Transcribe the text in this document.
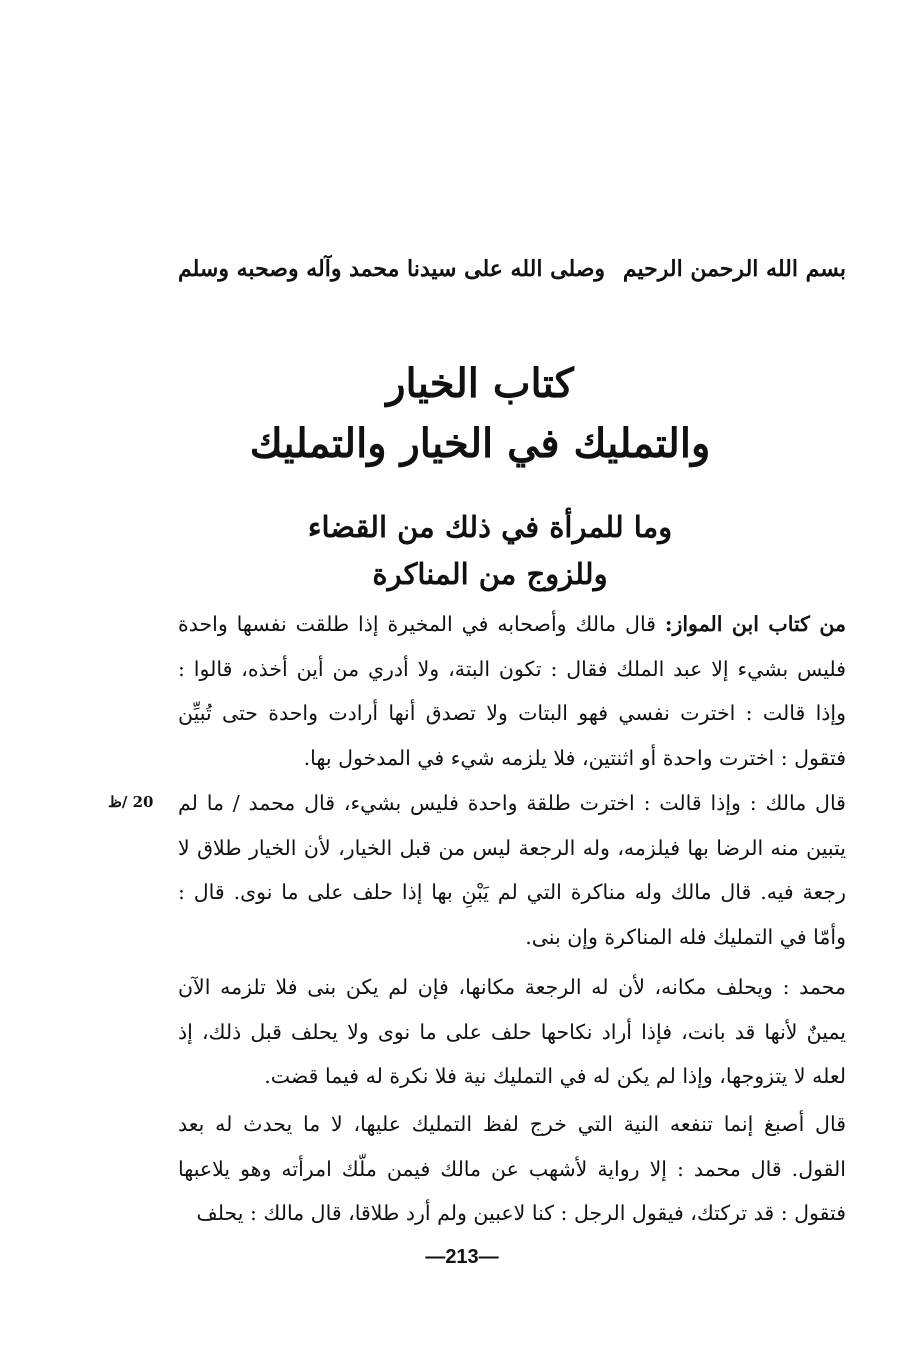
بسم الله الرحمن الرحيم
وصلى الله على سيدنا محمد وآله وصحبه وسلم
كتاب الخيار
والتمليك في الخيار والتمليك
وما للمرأة في ذلك من القضاء
وللزوج من المناكرة

من كتاب ابن المواز: قال مالك وأصحابه في المخيرة إذا طلقت نفسها واحدة فليس بشيء إلا عبد الملك فقال : تكون البتة، ولا أدري من أين أخذه، قالوا : وإذا قالت : اخترت نفسي فهو البتات ولا تصدق أنها أرادت واحدة حتى تُبيِّن فتقول : اخترت واحدة أو اثنتين، فلا يلزمه شيء في المدخول بها.

20 /ظ قال مالك : وإذا قالت : اخترت طلقة واحدة فليس بشيء، قال محمد / ما لم يتبين منه الرضا بها فيلزمه، وله الرجعة ليس من قبل الخيار، لأن الخيار طلاق لا رجعة فيه. قال مالك وله مناكرة التي لم يَبْنِ بها إذا حلف على ما نوى. قال : وأمّا في التمليك فله المناكرة وإن بنى.

محمد : ويحلف مكانه، لأن له الرجعة مكانها، فإن لم يكن بنى فلا تلزمه الآن يمينٌ لأنها قد بانت، فإذا أراد نكاحها حلف على ما نوى ولا يحلف قبل ذلك، إذ لعله لا يتزوجها، وإذا لم يكن له في التمليك نية فلا نكرة له فيما قضت.

قال أصبغ إنما تنفعه النية التي خرج لفظ التمليك عليها، لا ما يحدث له بعد القول. قال محمد : إلا رواية لأشهب عن مالك فيمن ملّك امرأته وهو يلاعبها فتقول : قد تركتك، فيقول الرجل : كنا لاعبين ولم أرد طلاقا، قال مالك : يحلف

—213—
